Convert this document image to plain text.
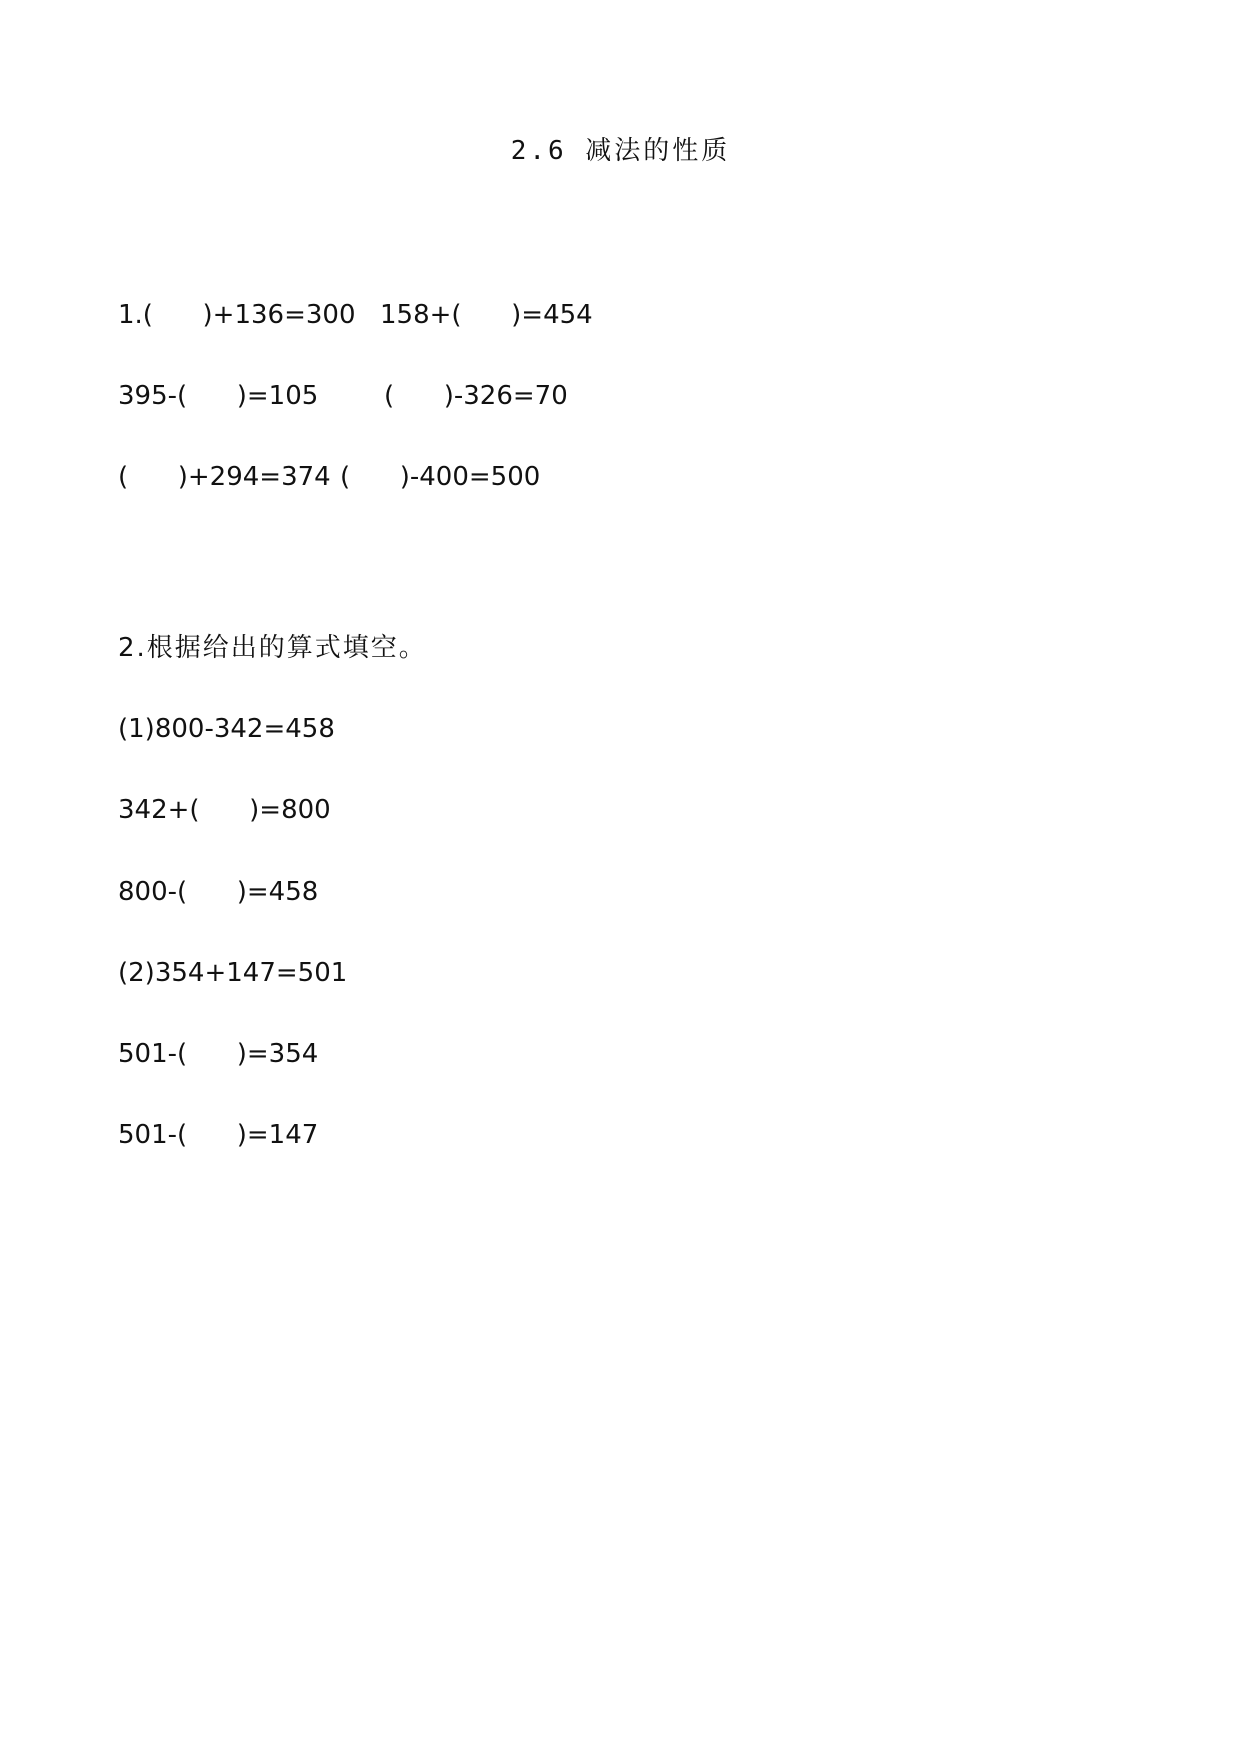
2.6 减法的性质

1.(      )+136=300

158+(      )=454

395-(      )=105

	(      )-326=70

(      )+294=374

(      )-400=500

2.根据给出的算式填空。
(1)800-342=458
342+(      )=800
800-(      )=458
(2)354+147=501
501-(      )=354
501-(      )=147
